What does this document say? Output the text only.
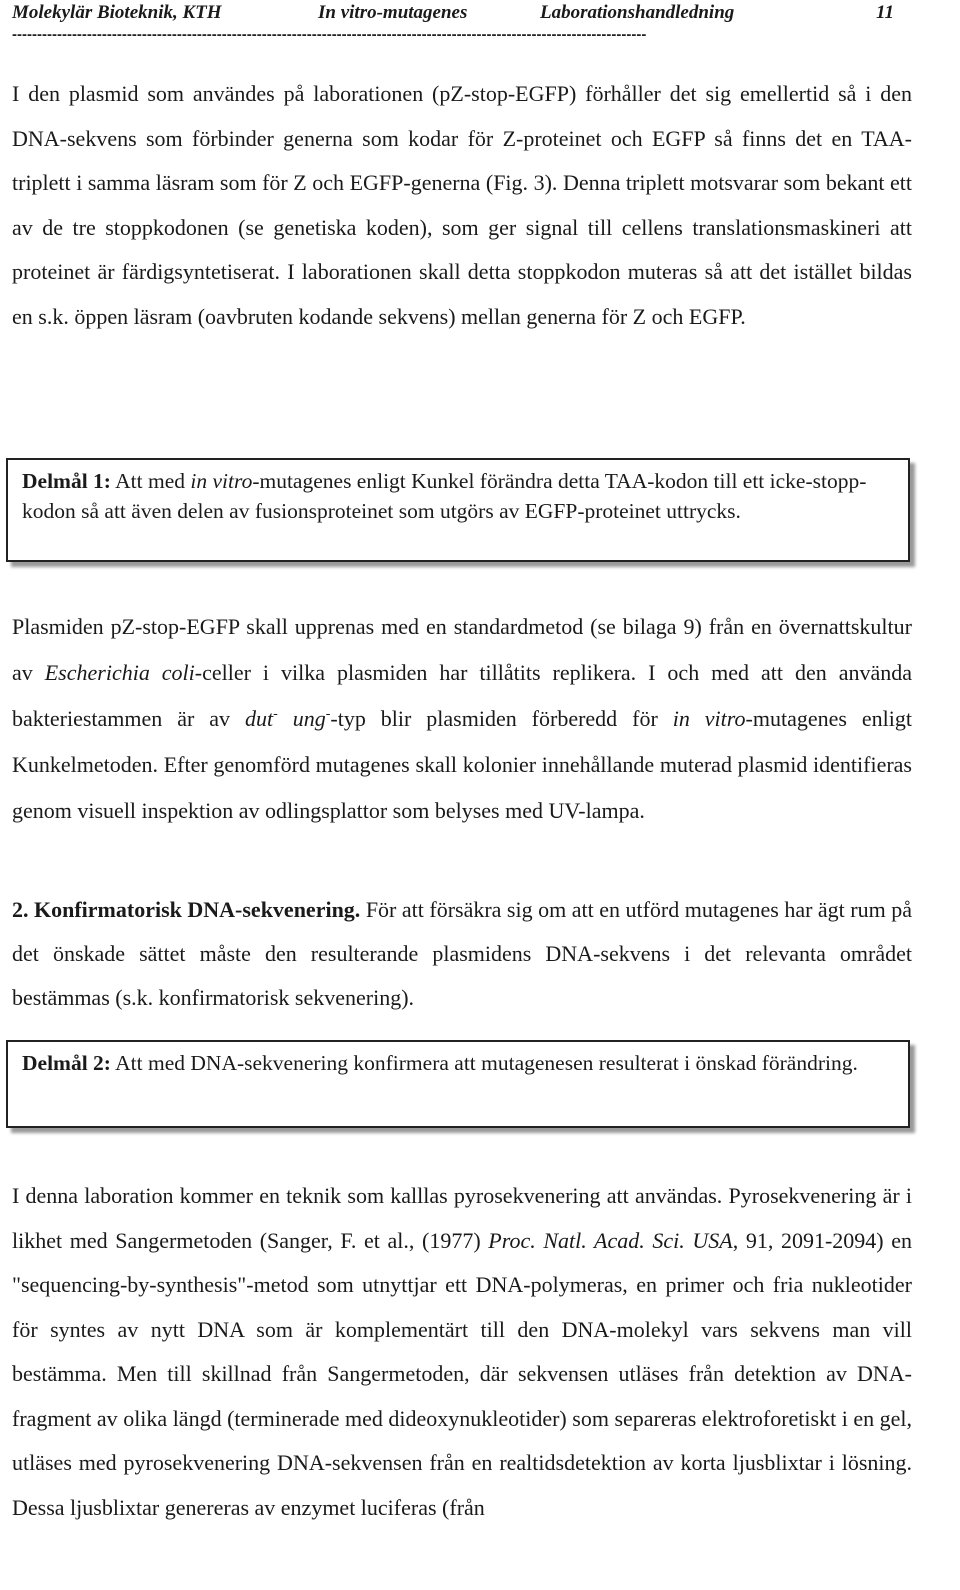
Molekylär Bioteknik, KTH	In vitro-mutagenes	Laborationshandledning	11
-------------------------------------------------------------------------------------------------------------------------------

I den plasmid som användes på laborationen (pZ-stop-EGFP) förhåller det sig emellertid så i den DNA-sekvens som förbinder generna som kodar för Z-proteinet och EGFP så finns det en TAA-triplett i samma läsram som för Z och EGFP-generna (Fig. 3). Denna triplett motsvarar som bekant ett av de tre stoppkodonen (se genetiska koden), som ger signal till cellens translationsmaskineri att proteinet är färdigsyntetiserat. I laborationen skall detta stoppkodon muteras så att det istället bildas en s.k. öppen läsram (oavbruten kodande sekvens) mellan generna för Z och EGFP.

Delmål 1: Att med in vitro-mutagenes enligt Kunkel förändra detta TAA-kodon till ett icke-stopp-kodon så att även delen av fusionsproteinet som utgörs av EGFP-proteinet uttrycks.

Plasmiden pZ-stop-EGFP skall upprenas med en standardmetod (se bilaga 9) från en övernattskultur av Escherichia coli-celler i vilka plasmiden har tillåtits replikera. I och med att den använda bakteriestammen är av dut- ung--typ blir plasmiden förberedd för in vitro-mutagenes enligt Kunkelmetoden. Efter genomförd mutagenes skall kolonier innehållande muterad plasmid identifieras genom visuell inspektion av odlingsplattor som belyses med UV-lampa.

2. Konfirmatorisk DNA-sekvenering. För att försäkra sig om att en utförd mutagenes har ägt rum på det önskade sättet måste den resulterande plasmidens DNA-sekvens i det relevanta området bestämmas (s.k. konfirmatorisk sekvenering).

Delmål 2: Att med DNA-sekvenering konfirmera att mutagenesen resulterat i önskad förändring.

I denna laboration kommer en teknik som kalllas pyrosekvenering att användas. Pyrosekvenering är i likhet med Sangermetoden (Sanger, F. et al., (1977) Proc. Natl. Acad. Sci. USA, 91, 2091-2094) en "sequencing-by-synthesis"-metod som utnyttjar ett DNA-polymeras, en primer och fria nukleotider för syntes av nytt DNA som är komplementärt till den DNA-molekyl vars sekvens man vill bestämma. Men till skillnad från Sangermetoden, där sekvensen utläses från detektion av DNA-fragment av olika längd (terminerade med dideoxynukleotider) som separeras elektroforetiskt i en gel, utläses med pyrosekvenering DNA-sekvensen från en realtidsdetektion av korta ljusblixtar i lösning. Dessa ljusblixtar genereras av enzymet luciferas (från
